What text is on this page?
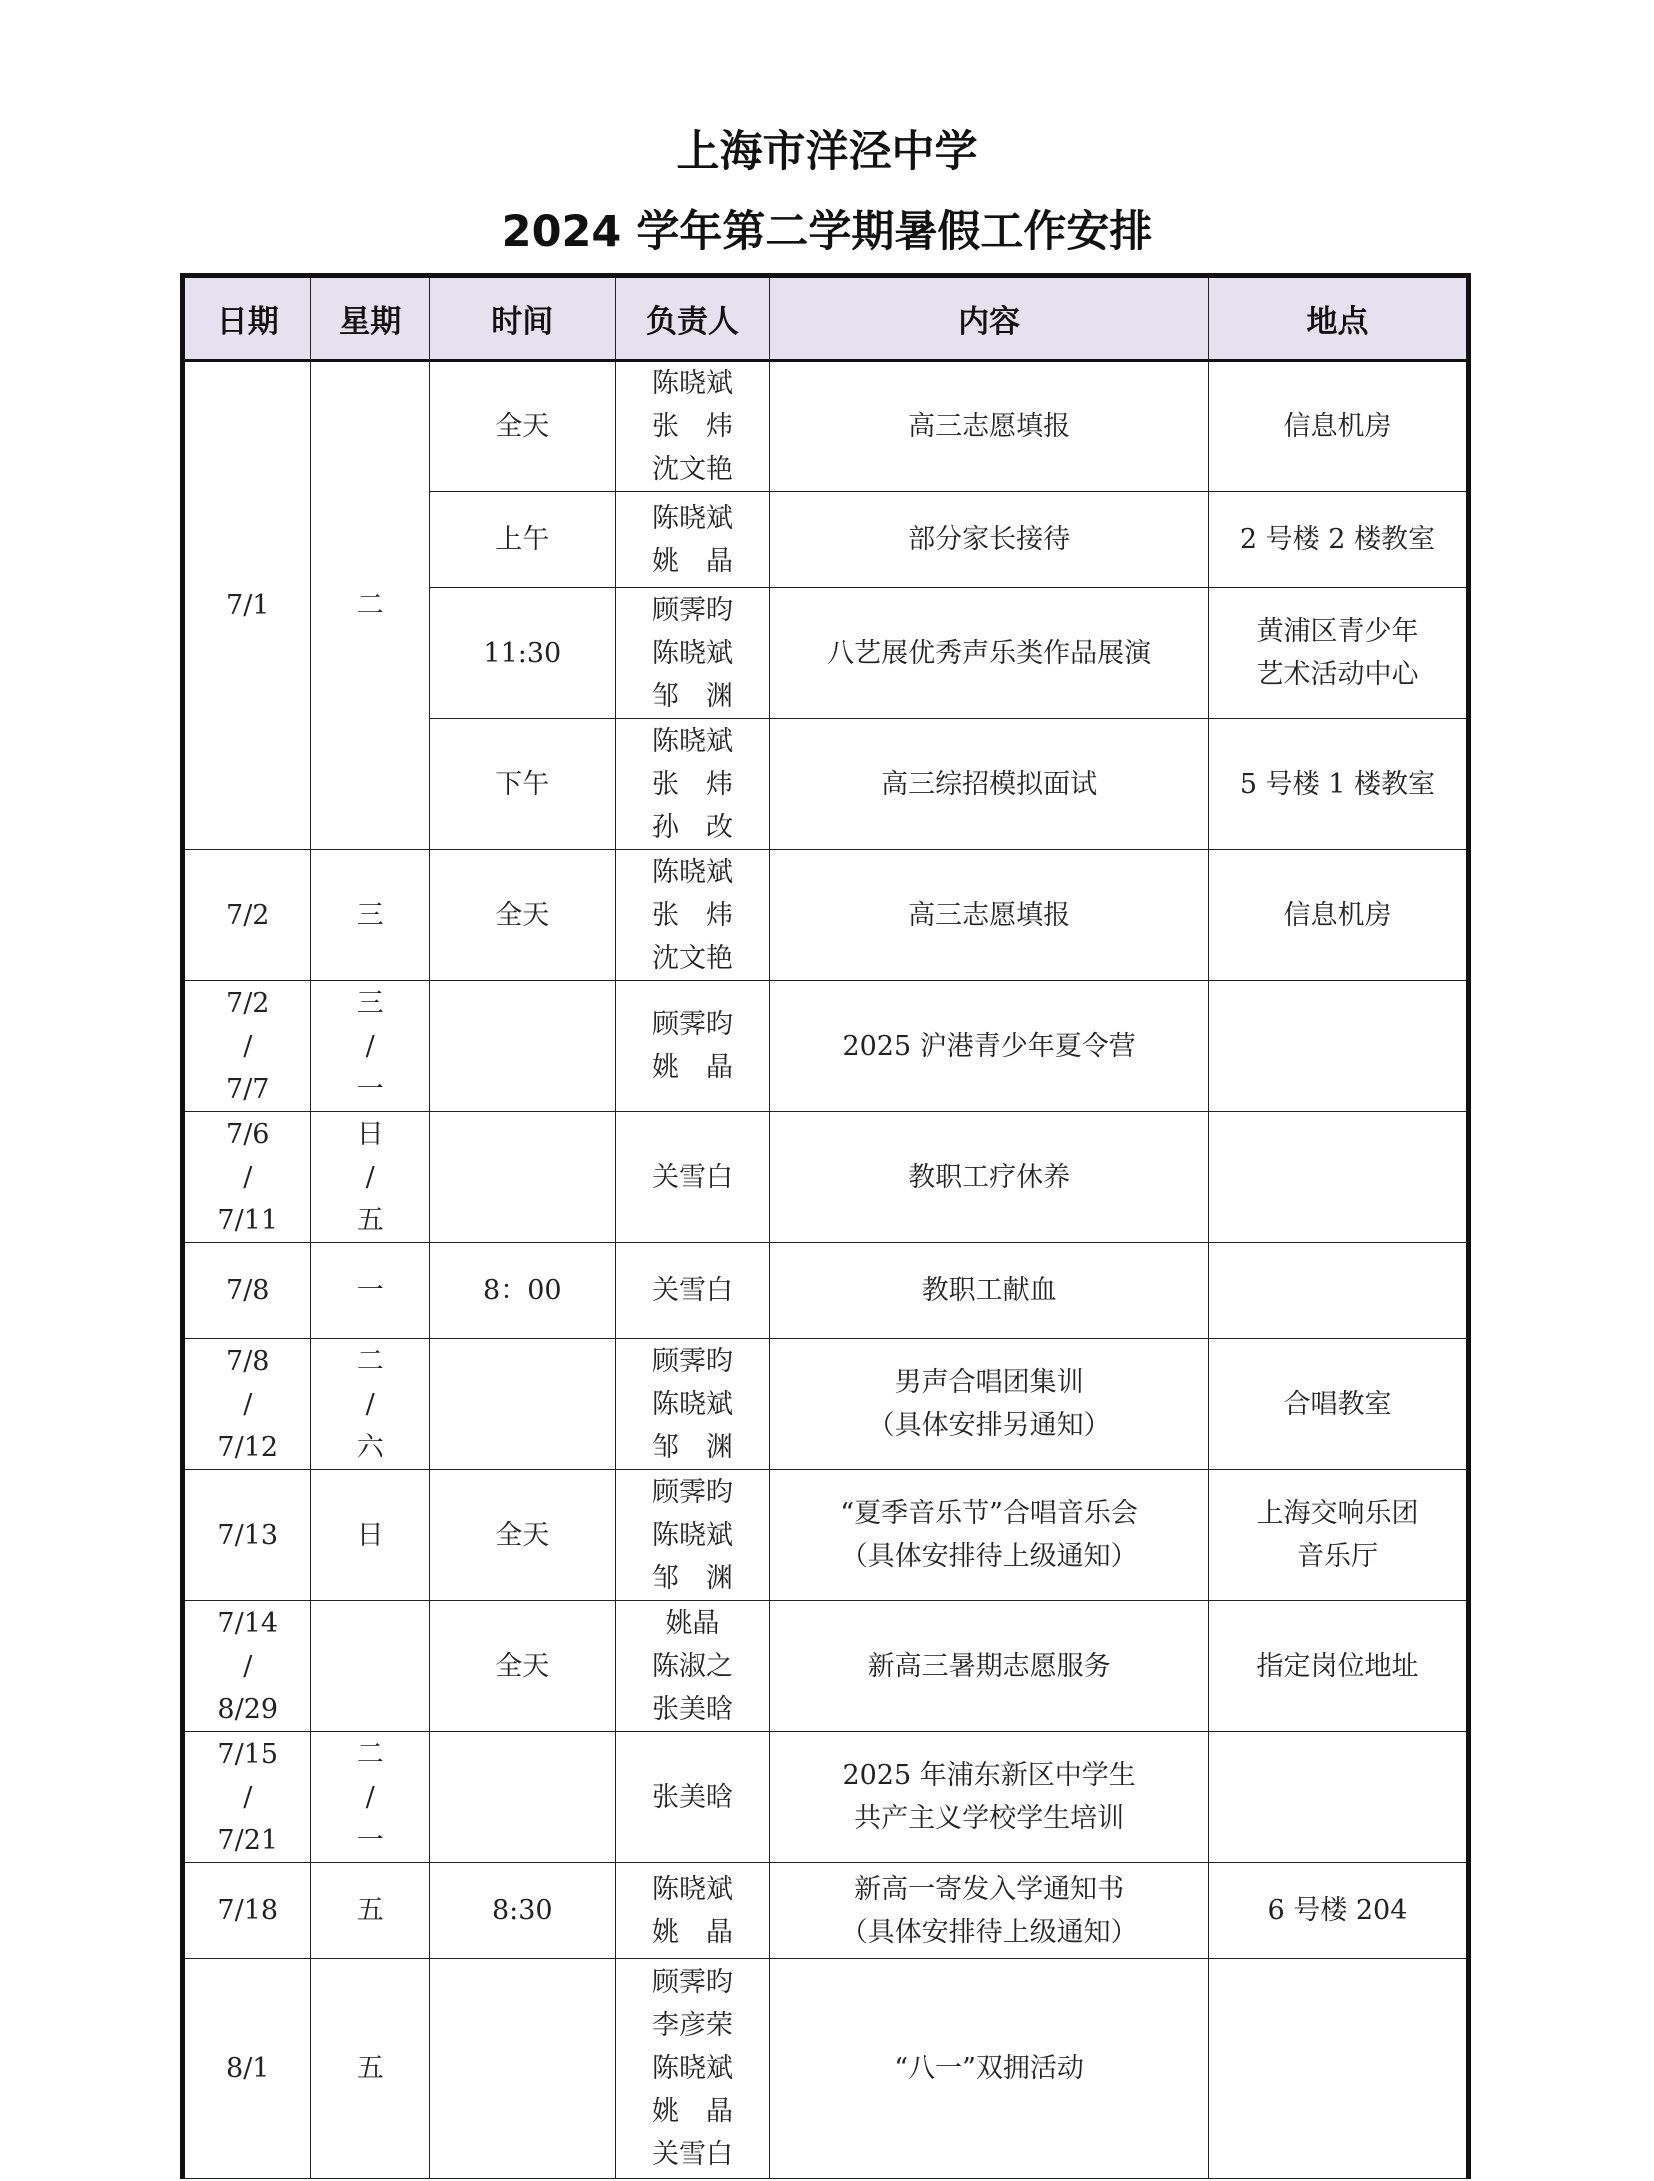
上海市洋泾中学
2024 学年第二学期暑假工作安排
日期	星期	时间	负责人	内容	地点

7/1	二	全天	陈晓斌
张　炜
沈文艳	高三志愿填报	信息机房

		上午	陈晓斌
姚　晶	部分家长接待	2 号楼 2 楼教室

		11:30	顾霁昀
陈晓斌
邹　渊	八艺展优秀声乐类作品展演	黄浦区青少年
艺术活动中心

		下午	陈晓斌
张　炜
孙　改	高三综招模拟面试	5 号楼 1 楼教室

7/2	三	全天	陈晓斌
张　炜
沈文艳	高三志愿填报	信息机房

7/2
/
7/7	三
/
一		顾霁昀
姚　晶	2025 沪港青少年夏令营	

7/6
/
7/11	日
/
五		关雪白	教职工疗休养	

7/8	一	8：00	关雪白	教职工献血	

7/8
/
7/12	二
/
六		顾霁昀
陈晓斌
邹　渊	男声合唱团集训
（具体安排另通知）	合唱教室

7/13	日	全天	顾霁昀
陈晓斌
邹　渊	“夏季音乐节”合唱音乐会
（具体安排待上级通知）	上海交响乐团
音乐厅

7/14
/
8/29		全天	姚晶
陈淑之
张美晗	新高三暑期志愿服务	指定岗位地址

7/15
/
7/21	二
/
一		张美晗	2025 年浦东新区中学生
共产主义学校学生培训	

7/18	五	8:30	陈晓斌
姚　晶	新高一寄发入学通知书
（具体安排待上级通知）	6 号楼 204

8/1	五		顾霁昀
李彦荣
陈晓斌
姚　晶
关雪白	“八一”双拥活动	
